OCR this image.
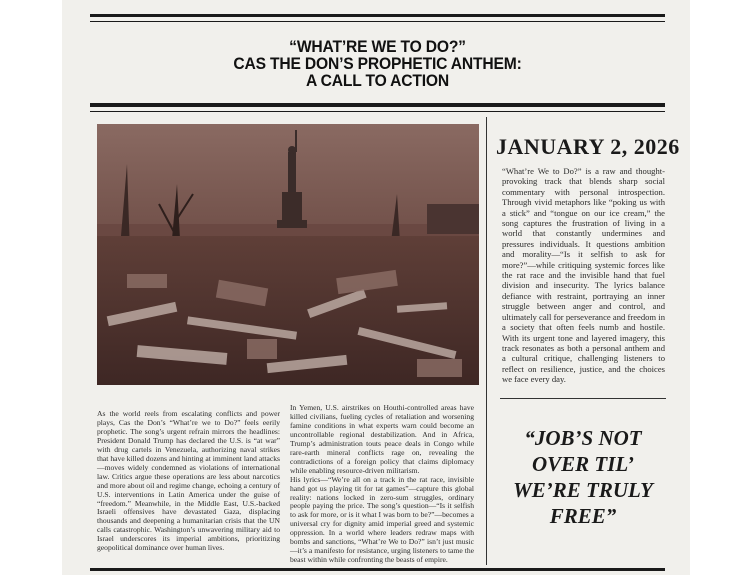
“WHAT’RE WE TO DO?”
CAS THE DON’S PROPHETIC ANTHEM:
A CALL TO ACTION
JANUARY 2, 2026

“What’re We to Do?” is a raw and thought-provoking track that blends sharp social commentary with personal introspection. Through vivid metaphors like “poking us with a stick” and “tongue on our ice cream,” the song captures the frustration of living in a world that constantly undermines and pressures individuals. It questions ambition and morality—“Is it selfish to ask for more?”—while critiquing systemic forces like the rat race and the invisible hand that fuel division and insecurity. The lyrics balance defiance with restraint, portraying an inner struggle between anger and control, and ultimately call for perseverance and freedom in a society that often feels numb and hostile. With its urgent tone and layered imagery, this track resonates as both a personal anthem and a cultural critique, challenging listeners to reflect on resilience, justice, and the choices we face every day.

“JOB’S NOT
OVER TIL’
WE’RE TRULY
FREE”

As the world reels from escalating conflicts and power plays, Cas the Don’s “What’re we to Do?” feels eerily prophetic. The song’s urgent refrain mirrors the headlines: President Donald Trump has declared the U.S. is “at war” with drug cartels in Venezuela, authorizing naval strikes that have killed dozens and hinting at imminent land attacks—moves widely condemned as violations of international law. Critics argue these operations are less about narcotics and more about oil and regime change, echoing a century of U.S. interventions in Latin America under the guise of “freedom.” Meanwhile, in the Middle East, U.S.-backed Israeli offensives have devastated Gaza, displacing thousands and deepening a humanitarian crisis that the UN calls catastrophic. Washington’s unwavering military aid to Israel underscores its imperial ambitions, prioritizing geopolitical dominance over human lives.

In Yemen, U.S. airstrikes on Houthi-controlled areas have killed civilians, fueling cycles of retaliation and worsening famine conditions in what experts warn could become an uncontrollable regional destabilization. And in Africa, Trump’s administration touts peace deals in Congo while rare-earth mineral conflicts rage on, revealing the contradictions of a foreign policy that claims diplomacy while enabling resource-driven militarism.

His lyrics—“We’re all on a track in the rat race, invisible hand got us playing tit for tat games”—capture this global reality: nations locked in zero-sum struggles, ordinary people paying the price. The song’s question—“Is it selfish to ask for more, or is it what I was born to be?”—becomes a universal cry for dignity amid imperial greed and systemic oppression. In a world where leaders redraw maps with bombs and sanctions, “What’re We to Do?” isn’t just music—it’s a manifesto for resistance, urging listeners to tame the beast within while confronting the beasts of empire.
